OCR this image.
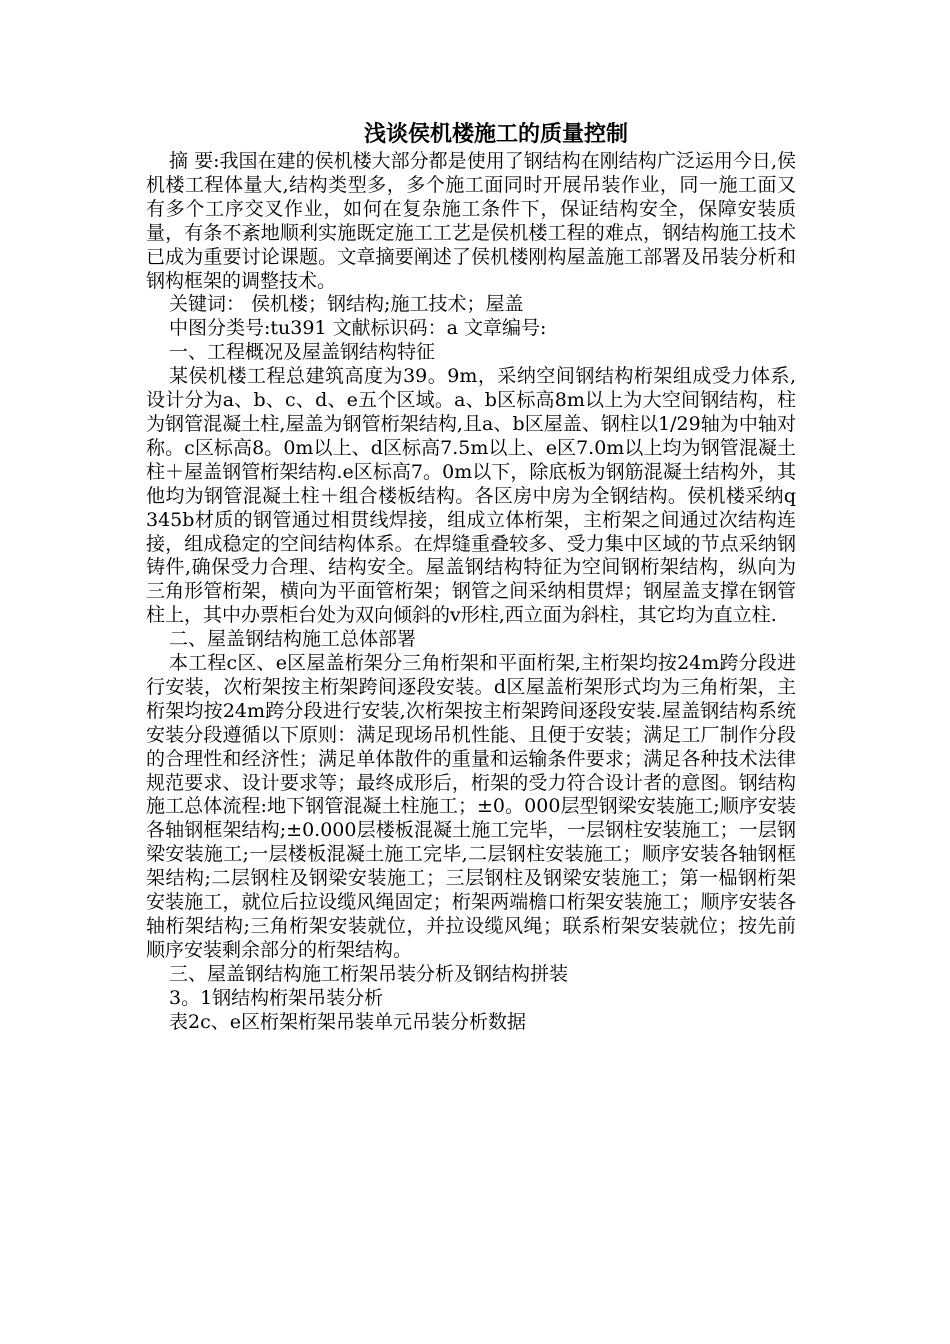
浅谈侯机楼施工的质量控制

摘 要:我国在建的侯机楼大部分都是使用了钢结构在刚结构广泛运用今日,侯机楼工程体量大,结构类型多，多个施工面同时开展吊装作业，同一施工面又有多个工序交叉作业，如何在复杂施工条件下，保证结构安全，保障安装质量，有条不紊地顺利实施既定施工工艺是侯机楼工程的难点，钢结构施工技术已成为重要讨论课题。文章摘要阐述了侯机楼刚构屋盖施工部署及吊装分析和钢构框架的调整技术。

关键词： 侯机楼；钢结构;施工技术；屋盖

中图分类号:tu391 文献标识码：a 文章编号:

一、工程概况及屋盖钢结构特征

某侯机楼工程总建筑高度为39。9m，采纳空间钢结构桁架组成受力体系,设计分为a、b、c、d、e五个区域。a、b区标高8m以上为大空间钢结构，柱为钢管混凝土柱,屋盖为钢管桁架结构,且a、b区屋盖、钢柱以1/29轴为中轴对称。c区标高8。0m以上、d区标高7.5m以上、e区7.0m以上均为钢管混凝土柱＋屋盖钢管桁架结构.e区标高7。0m以下，除底板为钢筋混凝土结构外，其他均为钢管混凝土柱＋组合楼板结构。各区房中房为全钢结构。侯机楼采纳q345b材质的钢管通过相贯线焊接，组成立体桁架，主桁架之间通过次结构连接，组成稳定的空间结构体系。在焊缝重叠较多、受力集中区域的节点采纳钢铸件,确保受力合理、结构安全。屋盖钢结构特征为空间钢桁架结构，纵向为三角形管桁架，横向为平面管桁架；钢管之间采纳相贯焊；钢屋盖支撑在钢管柱上，其中办票柜台处为双向倾斜的v形柱,西立面为斜柱，其它均为直立柱.

二、屋盖钢结构施工总体部署

本工程c区、e区屋盖桁架分三角桁架和平面桁架,主桁架均按24m跨分段进行安装，次桁架按主桁架跨间逐段安装。d区屋盖桁架形式均为三角桁架，主桁架均按24m跨分段进行安装,次桁架按主桁架跨间逐段安装.屋盖钢结构系统安装分段遵循以下原则：满足现场吊机性能、且便于安装；满足工厂制作分段的合理性和经济性；满足单体散件的重量和运输条件要求；满足各种技术法律规范要求、设计要求等；最终成形后，桁架的受力符合设计者的意图。钢结构施工总体流程:地下钢管混凝土柱施工；±0。000层型钢梁安装施工;顺序安装各轴钢框架结构;±0.000层楼板混凝土施工完毕，一层钢柱安装施工；一层钢梁安装施工;一层楼板混凝土施工完毕,二层钢柱安装施工；顺序安装各轴钢框架结构;二层钢柱及钢梁安装施工；三层钢柱及钢梁安装施工；第一榀钢桁架安装施工，就位后拉设缆风绳固定；桁架两端檐口桁架安装施工；顺序安装各轴桁架结构;三角桁架安装就位，并拉设缆风绳；联系桁架安装就位；按先前顺序安装剩余部分的桁架结构。

三、屋盖钢结构施工桁架吊装分析及钢结构拼装

3。1钢结构桁架吊装分析

表2c、e区桁架桁架吊装单元吊装分析数据
